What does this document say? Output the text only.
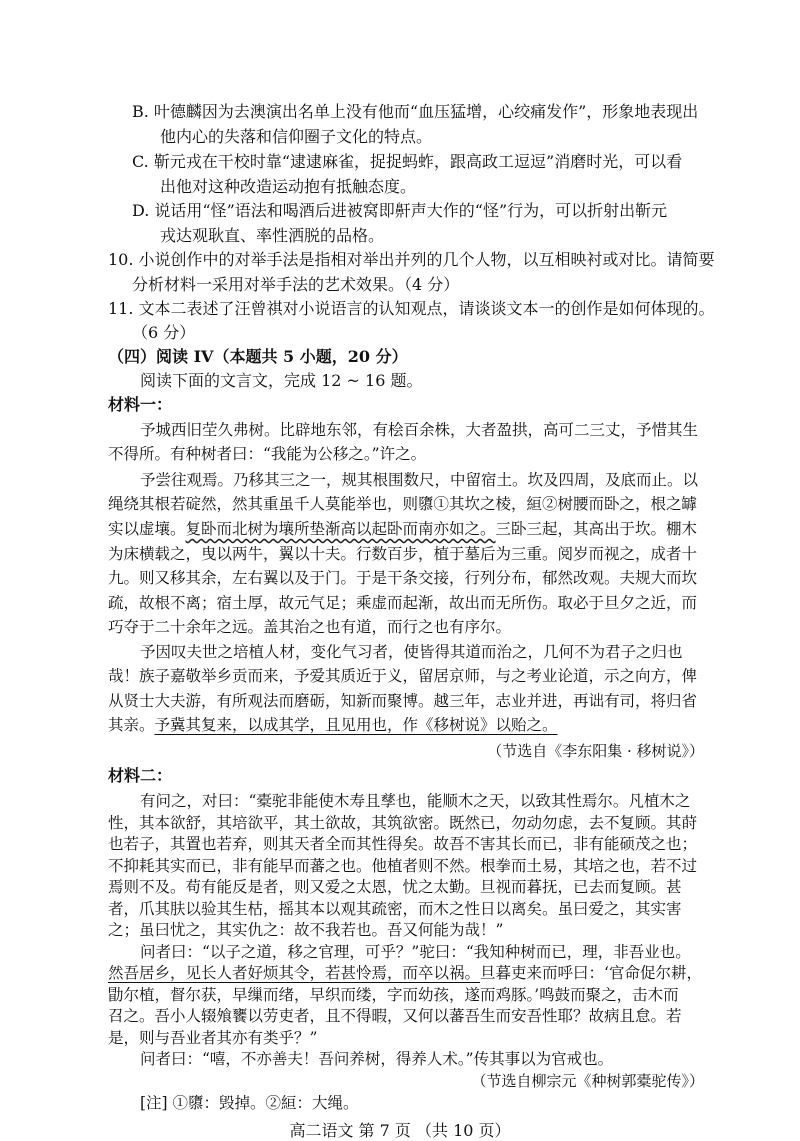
B. 叶德麟因为去澳演出名单上没有他而“血压猛增，心绞痛发作”，形象地表现出
他内心的失落和信仰圈子文化的特点。
C. 靳元戎在干校时靠“逮逮麻雀，捉捉蚂蚱，跟高政工逗逗”消磨时光，可以看
出他对这种改造运动抱有抵触态度。
D. 说话用“怪”语法和喝酒后进被窝即鼾声大作的“怪”行为，可以折射出靳元
戎达观耿直、率性洒脱的品格。
10. 小说创作中的对举手法是指相对举出并列的几个人物，以互相映衬或对比。请简要
分析材料一采用对举手法的艺术效果。（4 分）
11. 文本二表述了汪曾祺对小说语言的认知观点，请谈谈文本一的创作是如何体现的。
（6 分）
（四）阅读 IV（本题共 5 小题，20 分）
阅读下面的文言文，完成 12 ~ 16 题。
材料一：
予城西旧茔久弗树。比辟地东邻，有桧百余株，大者盈拱，高可二三丈，予惜其生
不得所。有种树者曰：“我能为公移之。”许之。
予尝往观焉。乃移其三之一，规其根围数尺，中留宿土。坎及四周，及底而止。以
绳绕其根若碇然，然其重虽千人莫能举也，则隳①其坎之棱，絙②树腰而卧之，根之罅
实以虚壤。复卧而北树为壤所垫渐高以起卧而南亦如之。三卧三起，其高出于坎。棚木
为床横载之，曳以两牛，翼以十夫。行数百步，植于墓后为三重。阅岁而视之，成者十
九。则又移其余，左右翼以及于门。于是干条交接，行列分布，郁然改观。夫规大而坎
疏，故根不离；宿土厚，故元气足；乘虚而起渐，故出而无所伤。取必于旦夕之近，而
巧夺于二十余年之远。盖其治之也有道，而行之也有序尔。
予因叹夫世之培植人材，变化气习者，使皆得其道而治之，几何不为君子之归也
哉！族子嘉敬举乡贡而来，予爱其质近于义，留居京师，与之考业论道，示之向方，俾
从贤士大夫游，有所观法而磨砺，知新而聚博。越三年，志业并进，再诎有司，将归省
其亲。予冀其复来，以成其学，且见用也，作《移树说》以贻之。
（节选自《李东阳集 · 移树说》）
材料二：
有问之，对曰：“橐驼非能使木寿且孳也，能顺木之天，以致其性焉尔。凡植木之
性，其本欲舒，其培欲平，其土欲故，其筑欲密。既然已，勿动勿虑，去不复顾。其莳
也若子，其置也若弃，则其天者全而其性得矣。故吾不害其长而已，非有能硕茂之也；
不抑耗其实而已，非有能早而蕃之也。他植者则不然。根拳而土易，其培之也，若不过
焉则不及。苟有能反是者，则又爱之太恩，忧之太勤。旦视而暮抚，已去而复顾。甚
者，爪其肤以验其生枯，摇其本以观其疏密，而木之性日以离矣。虽曰爱之，其实害
之；虽曰忧之，其实仇之：故不我若也。吾又何能为哉！”
问者曰：“以子之道，移之官理，可乎？”驼曰：“我知种树而已，理，非吾业也。
然吾居乡，见长人者好烦其令，若甚怜焉，而卒以祸。旦暮吏来而呼曰：‘官命促尔耕，
勖尔植，督尔获，早缫而绪，早织而缕，字而幼孩，遂而鸡豚。’鸣鼓而聚之，击木而
召之。吾小人辍飧饔以劳吏者，且不得暇，又何以蕃吾生而安吾性耶？故病且怠。若
是，则与吾业者其亦有类乎？”
问者曰：“嘻，不亦善夫！吾问养树，得养人术。”传其事以为官戒也。
（节选自柳宗元《种树郭橐驼传》）
[注] ①隳：毁掉。②絙：大绳。
高二语文 第 7 页 （共 10 页）
